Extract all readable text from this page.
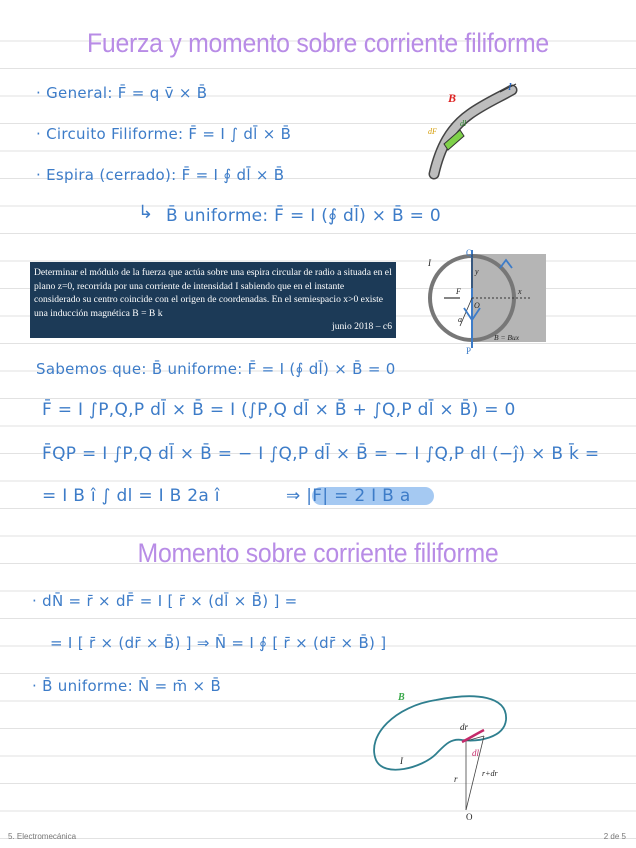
Fuerza y momento sobre corriente filiforme
· General: F̄ = q v̄ × B̄
· Circuito Filiforme: F̄ = I ∫ dl̄ × B̄
· Espira (cerrado): F̄ = I ∮ dl̄ × B̄
↳ B̄ uniforme: F̄ = I (∮ dl̄) × B̄ = 0
B
I
dF
dl
Determinar el módulo de la fuerza que actúa sobre una espira circular de radio a situada en el plano z=0, recorrida por una corriente de intensidad I sabiendo que en el instante considerado su centro coincide con el origen de coordenadas. En el semiespacio x>0 existe una inducción magnética B = B k
junio 2018 – c6
I
y
F
O
x
a
B = Bux
P
Q
Sabemos que: B̄ uniforme: F̄ = I (∮ dl̄) × B̄ = 0
F̄ = I ∫P,Q,P dl̄ × B̄ = I (∫P,Q dl̄ × B̄ + ∫Q,P dl̄ × B̄) = 0
F̄QP = I ∫P,Q dl̄ × B̄ = − I ∫Q,P dl̄ × B̄ = − I ∫Q,P dl (−ĵ) × B k̄ =
= I B î ∫ dl = I B 2a î	⇒ |F| = 2 I B a
Momento sobre corriente filiforme
· dN̄ = r̄ × dF̄ = I [ r̄ × (dl̄ × B̄) ] =
= I [ r̄ × (dr̄ × B̄) ] ⇒ N̄ = I ∮ [ r̄ × (dr̄ × B̄) ]
· B̄ uniforme: N̄ = m̄ × B̄
B
dr
dl
I
r
r+dr
O
5. Electromecánica	2 de 5
